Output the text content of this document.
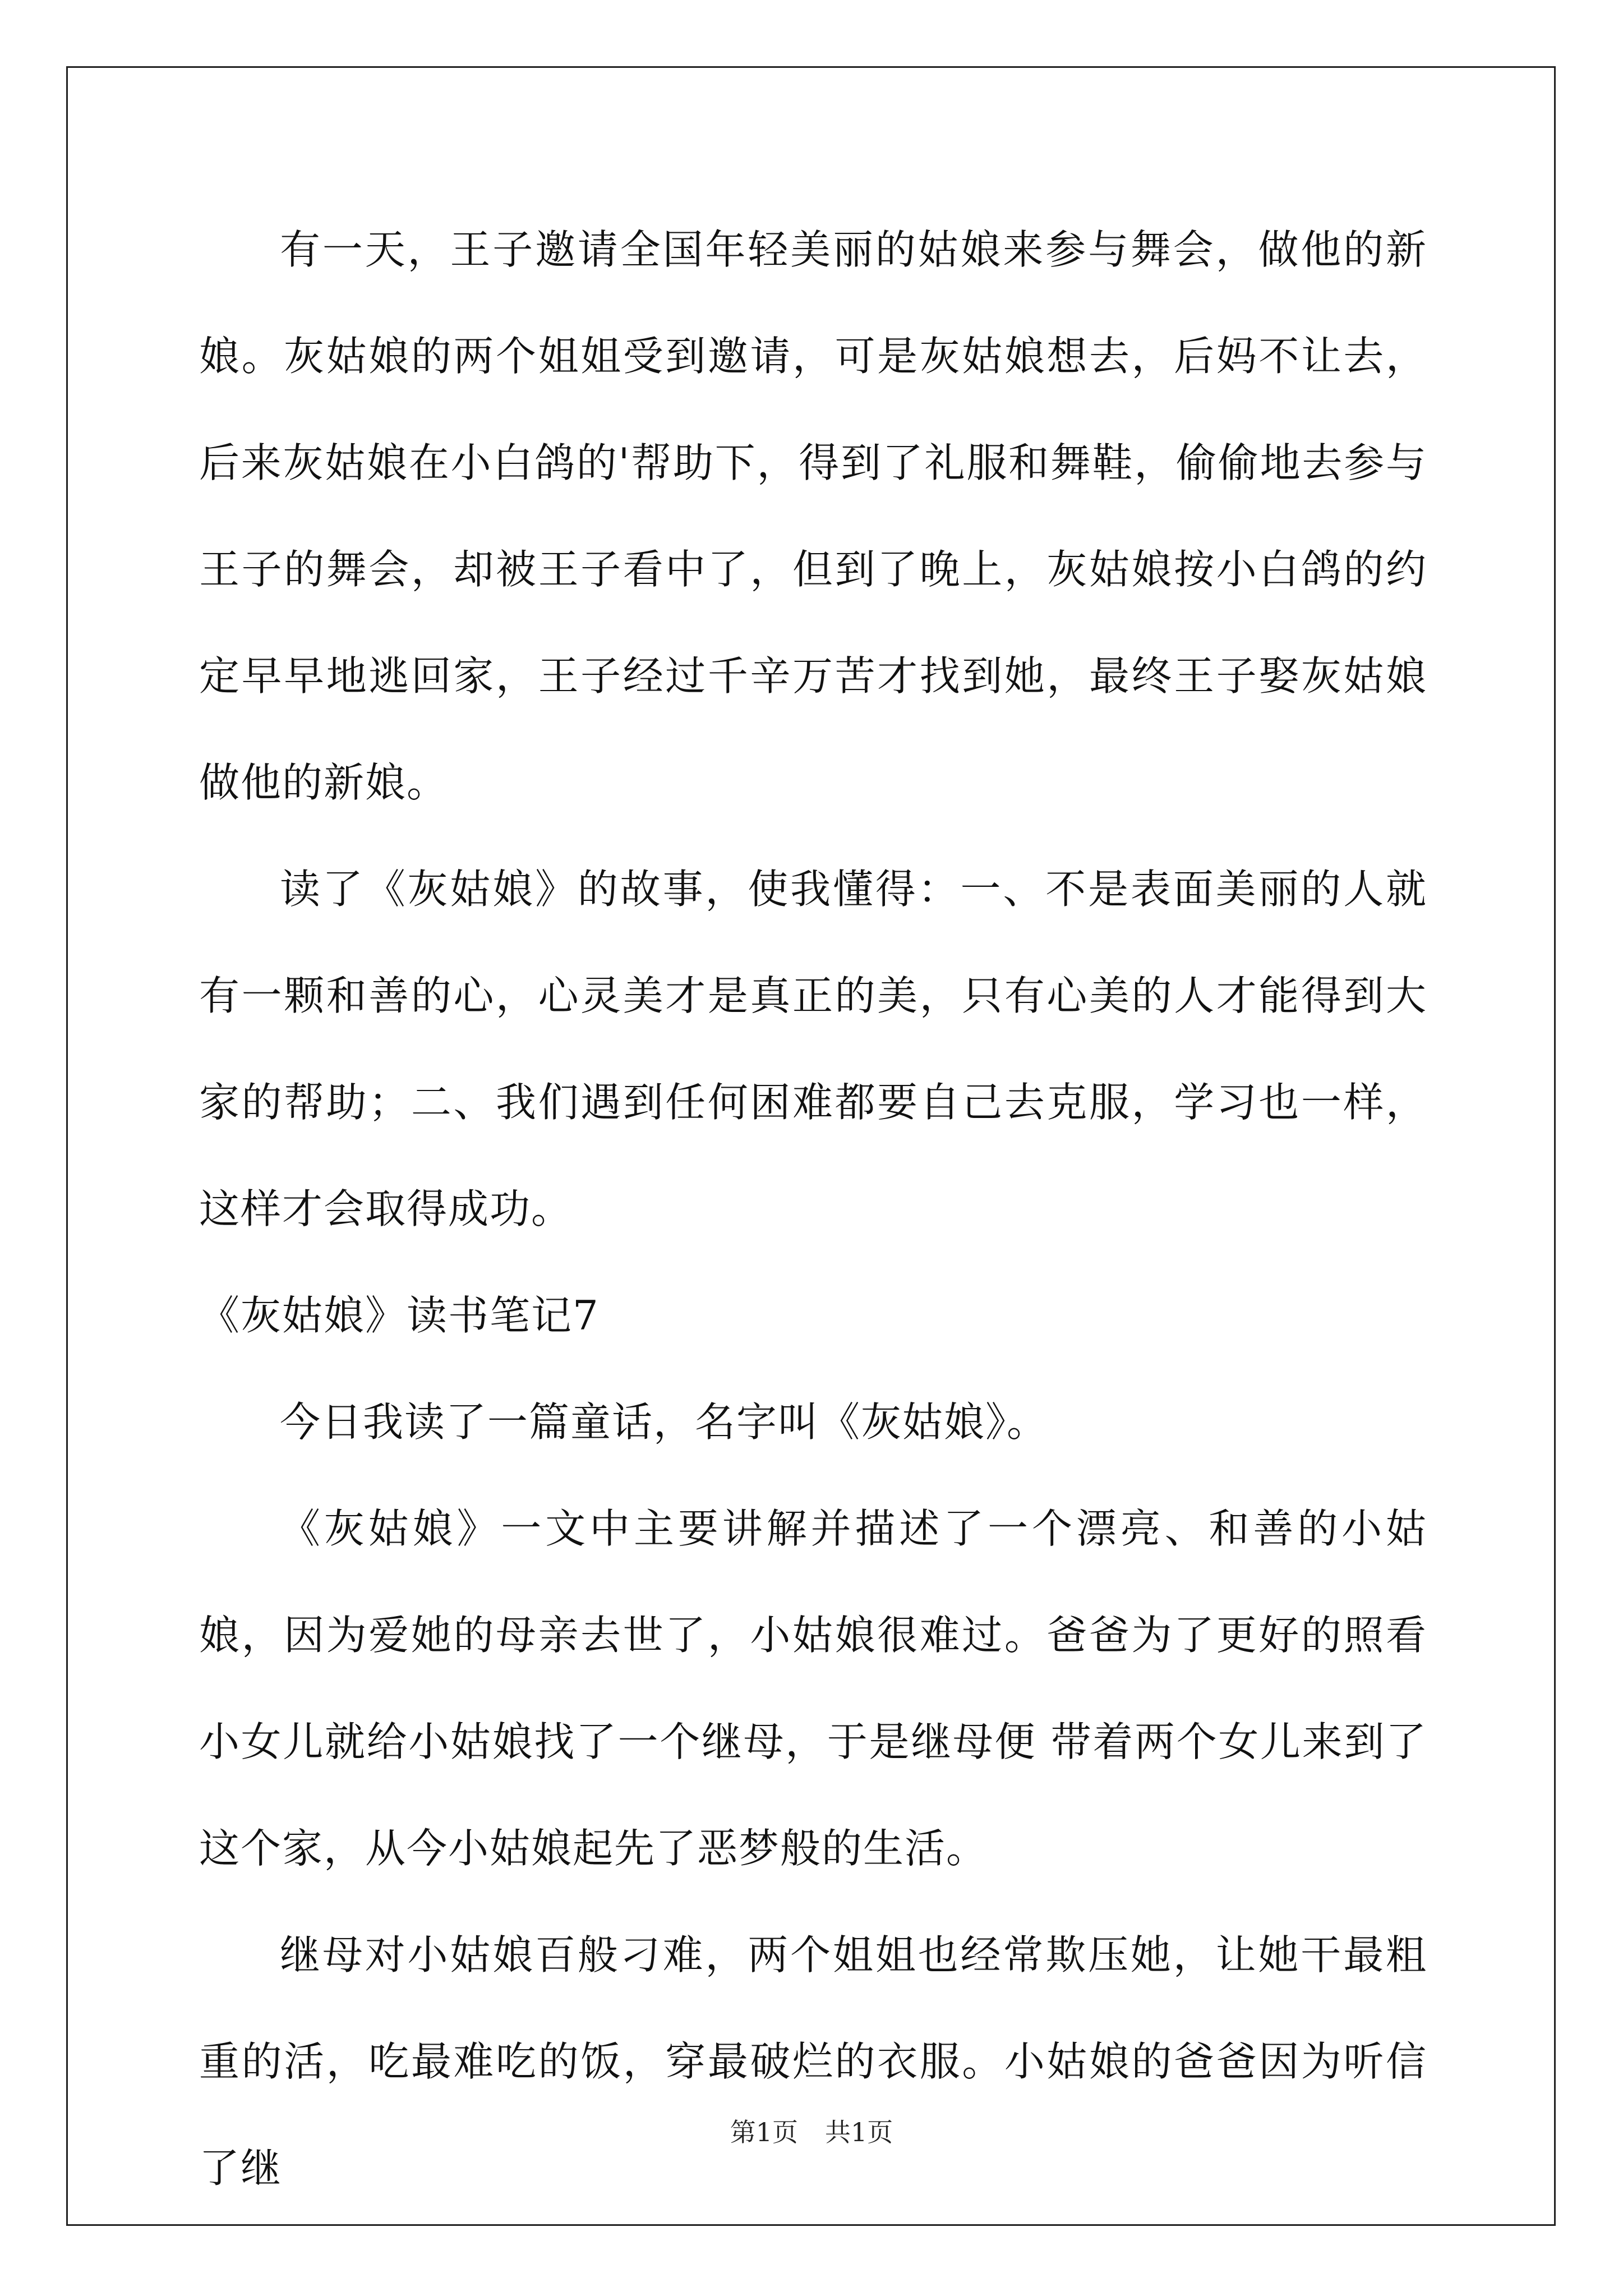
有一天，王子邀请全国年轻美丽的姑娘来参与舞会，做他的新娘。灰姑娘的两个姐姐受到邀请，可是灰姑娘想去，后妈不让去，后来灰姑娘在小白鸽的'帮助下，得到了礼服和舞鞋，偷偷地去参与王子的舞会，却被王子看中了，但到了晚上，灰姑娘按小白鸽的约定早早地逃回家，王子经过千辛万苦才找到她，最终王子娶灰姑娘做他的新娘。

读了《灰姑娘》的故事，使我懂得：一、不是表面美丽的人就有一颗和善的心，心灵美才是真正的美，只有心美的人才能得到大家的帮助；二、我们遇到任何困难都要自己去克服，学习也一样，这样才会取得成功。

《灰姑娘》读书笔记7

今日我读了一篇童话，名字叫《灰姑娘》。

《灰姑娘》一文中主要讲解并描述了一个漂亮、和善的小姑娘，因为爱她的母亲去世了，小姑娘很难过。爸爸为了更好的照看小女儿就给小姑娘找了一个继母，于是继母便 带着两个女儿来到了这个家，从今小姑娘起先了恶梦般的生活。

继母对小姑娘百般刁难，两个姐姐也经常欺压她，让她干最粗重的活，吃最难吃的饭，穿最破烂的衣服。小姑娘的爸爸因为听信了继

第1页 共1页
